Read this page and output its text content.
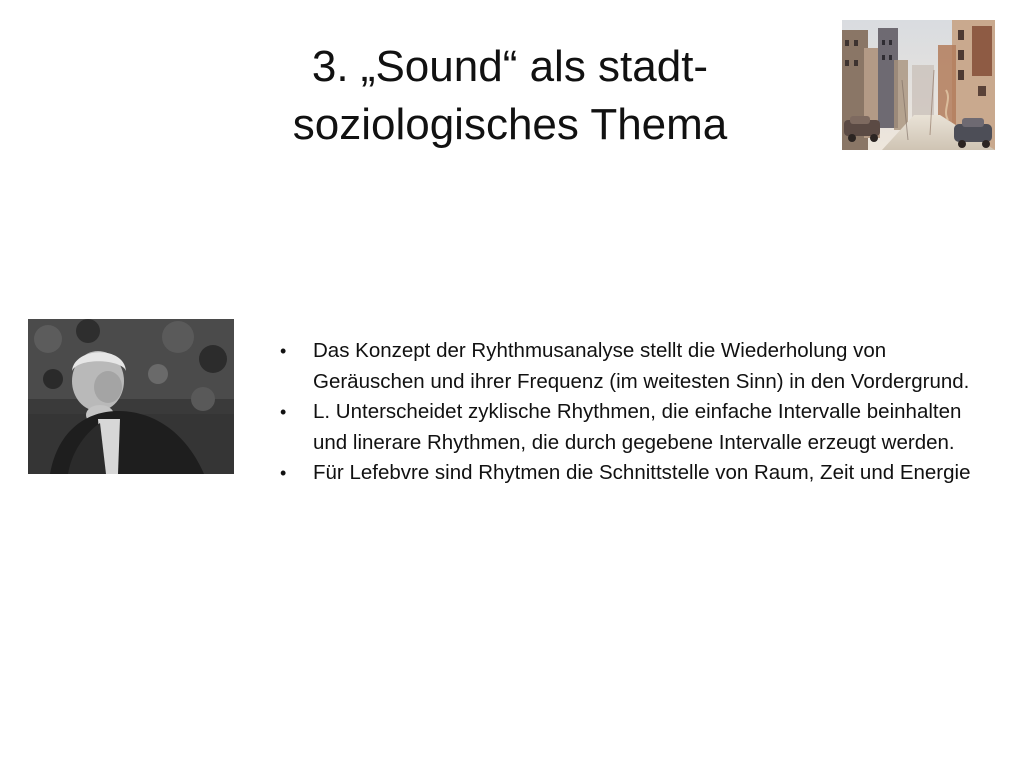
3. „Sound“ als stadt-
soziologisches Thema
• Das Konzept der Ryhthmusanalyse stellt die Wiederholung von Geräuschen und ihrer Frequenz (im weitesten Sinn) in den Vordergrund.
• L. Unterscheidet zyklische Rhythmen, die einfache Intervalle beinhalten und linerare Rhythmen, die durch gegebene Intervalle erzeugt werden.
• Für Lefebvre sind Rhytmen die Schnittstelle von Raum, Zeit und Energie
